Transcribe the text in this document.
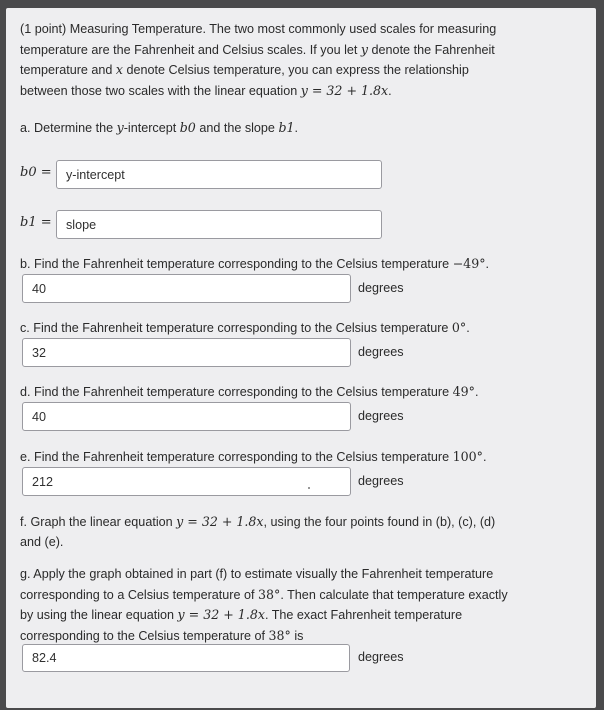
(1 point) Measuring Temperature. The two most commonly used scales for measuring
temperature are the Fahrenheit and Celsius scales. If you let y denote the Fahrenheit
temperature and x denote Celsius temperature, you can express the relationship
between those two scales with the linear equation y = 32 + 1.8x.
a. Determine the y-intercept b0 and the slope b1.
b0 =	y-intercept
b1 =	slope
b. Find the Fahrenheit temperature corresponding to the Celsius temperature −49°.
40	degrees
c. Find the Fahrenheit temperature corresponding to the Celsius temperature 0°.
32	degrees
d. Find the Fahrenheit temperature corresponding to the Celsius temperature 49°.
40	degrees
e. Find the Fahrenheit temperature corresponding to the Celsius temperature 100°.
212	degrees
f. Graph the linear equation y = 32 + 1.8x, using the four points found in (b), (c), (d)
and (e).
g. Apply the graph obtained in part (f) to estimate visually the Fahrenheit temperature
corresponding to a Celsius temperature of 38°. Then calculate that temperature exactly
by using the linear equation y = 32 + 1.8x. The exact Fahrenheit temperature
corresponding to the Celsius temperature of 38° is
82.4	degrees
